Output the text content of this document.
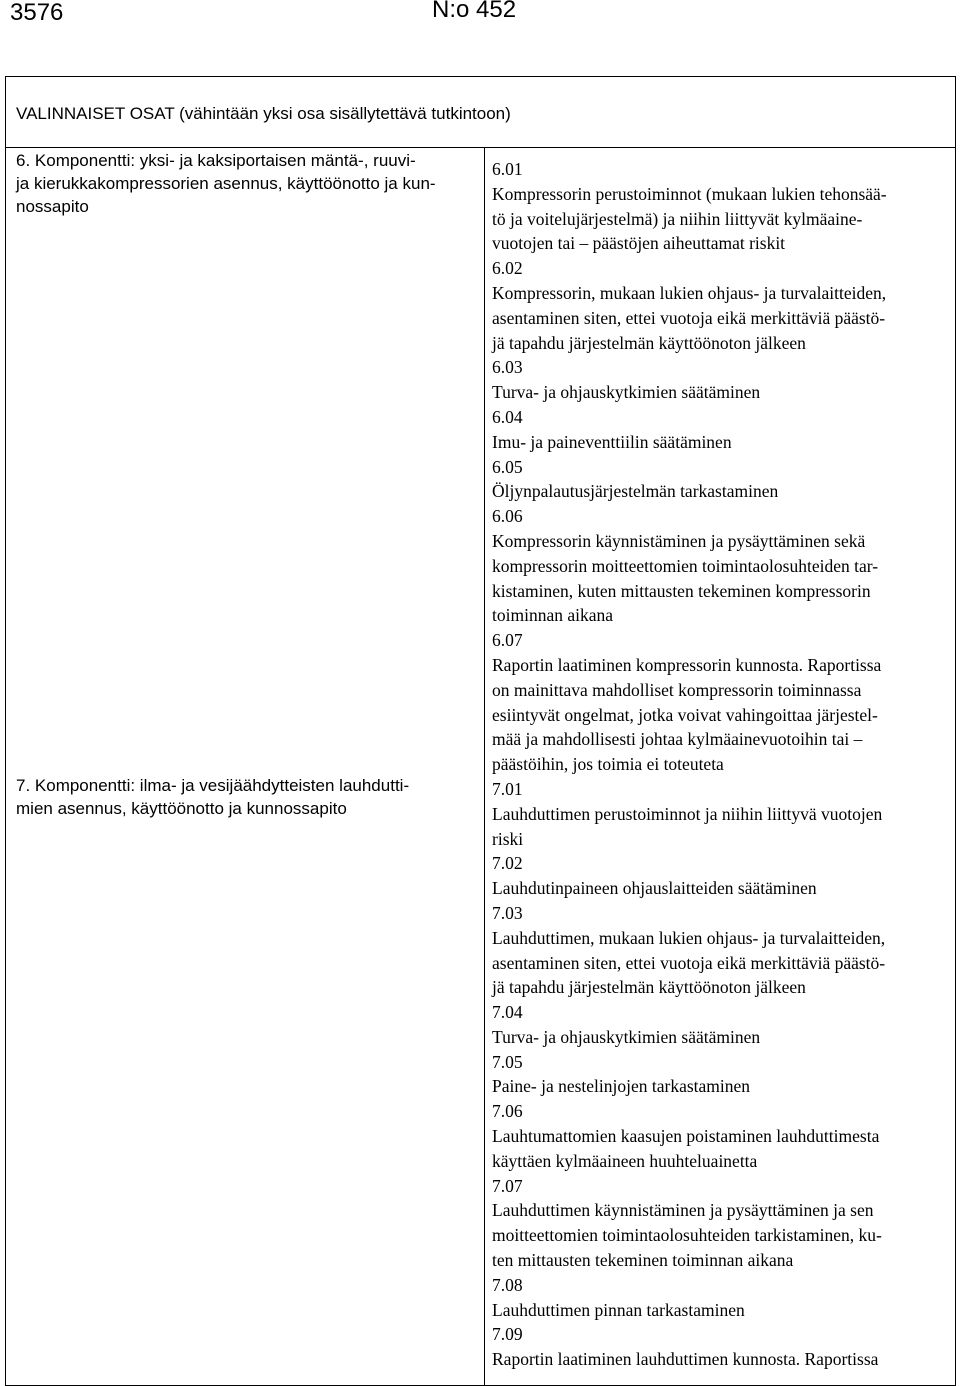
3576	N:o 452
VALINNAISET OSAT (vähintään yksi osa sisällytettävä tutkintoon)

6. Komponentti: yksi- ja kaksiportaisen mäntä-, ruuvi-
ja kierukkakompressorien asennus, käyttöönotto ja kun-
nossapito

7. Komponentti: ilma- ja vesijäähdytteisten lauhdutti-
mien asennus, käyttöönotto ja kunnossapito

6.01
Kompressorin perustoiminnot (mukaan lukien tehonsää-
tö ja voitelujärjestelmä) ja niihin liittyvät kylmäaine-
vuotojen tai – päästöjen aiheuttamat riskit
6.02
Kompressorin, mukaan lukien ohjaus- ja turvalaitteiden,
asentaminen siten, ettei vuotoja eikä merkittäviä päästö-
jä tapahdu järjestelmän käyttöönoton jälkeen
6.03
Turva- ja ohjauskytkimien säätäminen
6.04
Imu- ja paineventtiilin säätäminen
6.05
Öljynpalautusjärjestelmän tarkastaminen
6.06
Kompressorin käynnistäminen ja pysäyttäminen sekä
kompressorin moitteettomien toimintaolosuhteiden tar-
kistaminen, kuten mittausten tekeminen kompressorin
toiminnan aikana
6.07
Raportin laatiminen kompressorin kunnosta. Raportissa
on mainittava mahdolliset kompressorin toiminnassa
esiintyvät ongelmat, jotka voivat vahingoittaa järjestel-
mää ja mahdollisesti johtaa kylmäainevuotoihin tai –
päästöihin, jos toimia ei toteuteta
7.01
Lauhduttimen perustoiminnot ja niihin liittyvä vuotojen
riski
7.02
Lauhdutinpaineen ohjauslaitteiden säätäminen
7.03
Lauhduttimen, mukaan lukien ohjaus- ja turvalaitteiden,
asentaminen siten, ettei vuotoja eikä merkittäviä päästö-
jä tapahdu järjestelmän käyttöönoton jälkeen
7.04
Turva- ja ohjauskytkimien säätäminen
7.05
Paine- ja nestelinjojen tarkastaminen
7.06
Lauhtumattomien kaasujen poistaminen lauhduttimesta
käyttäen kylmäaineen huuhteluainetta
7.07
Lauhduttimen käynnistäminen ja pysäyttäminen ja sen
moitteettomien toimintaolosuhteiden tarkistaminen, ku-
ten mittausten tekeminen toiminnan aikana
7.08
Lauhduttimen pinnan tarkastaminen
7.09
Raportin laatiminen lauhduttimen kunnosta. Raportissa
